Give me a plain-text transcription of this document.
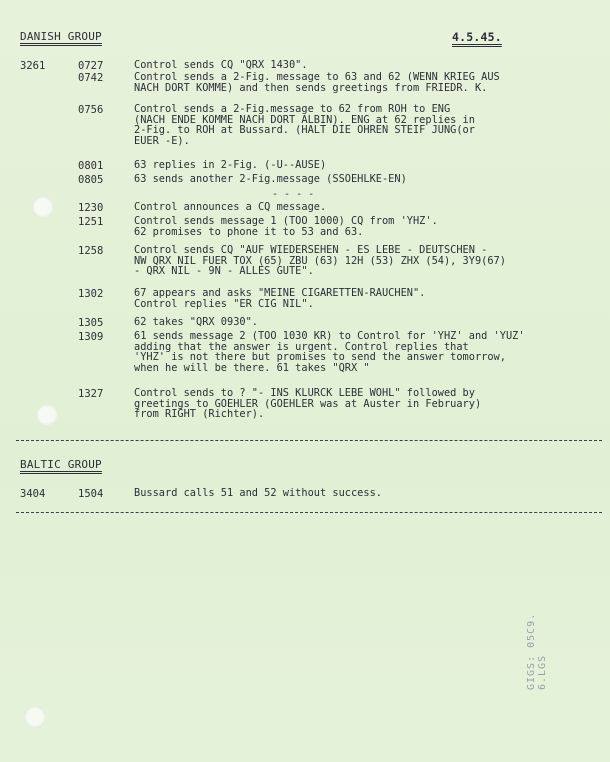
DANISH GROUP	4.5.45.
3261	0727	Control sends CQ "QRX 1430".
0742	Control sends a 2-Fig. message to 63 and 62 (WENN KRIEG AUS
NACH DORT KOMME) and then sends greetings from FRIEDR. K.
0756	Control sends a 2-Fig.message to 62 from ROH to ENG
(NACH ENDE KOMME NACH DORT ALBIN). ENG at 62 replies in
2-Fig. to ROH at Bussard. (HALT DIE OHREN STEIF JUNG(or
EUER -E).
0801	63 replies in 2-Fig. (-U--AUSE)
0805	63 sends another 2-Fig.message (SSOEHLKE-EN)
- - - -
1230	Control announces a CQ message.
1251	Control sends message 1 (TOO 1000) CQ from 'YHZ'.
62 promises to phone it to 53 and 63.
1258	Control sends CQ "AUF WIEDERSEHEN - ES LEBE - DEUTSCHEN -
NW QRX NIL FUER TOX (65) ZBU (63) 12H (53) ZHX (54), 3Y9(67)
- QRX NIL - 9N - ALLES GUTE".
1302	67 appears and asks "MEINE CIGARETTEN-RAUCHEN".
Control replies "ER CIG NIL".
1305	62 takes "QRX 0930".
1309	61 sends message 2 (TOO 1030 KR) to Control for 'YHZ' and 'YUZ'
adding that the answer is urgent. Control replies that
'YHZ' is not there but promises to send the answer tomorrow,
when he will be there. 61 takes "QRX "
1327	Control sends to ? "- INS KLURCK LEBE WOHL" followed by
greetings to GOEHLER (GOEHLER was at Auster in February)
from RIGHT (Richter).
BALTIC GROUP
3404	1504	Bussard calls 51 and 52 without success.
GIGS: 05C9. 6.LGS
